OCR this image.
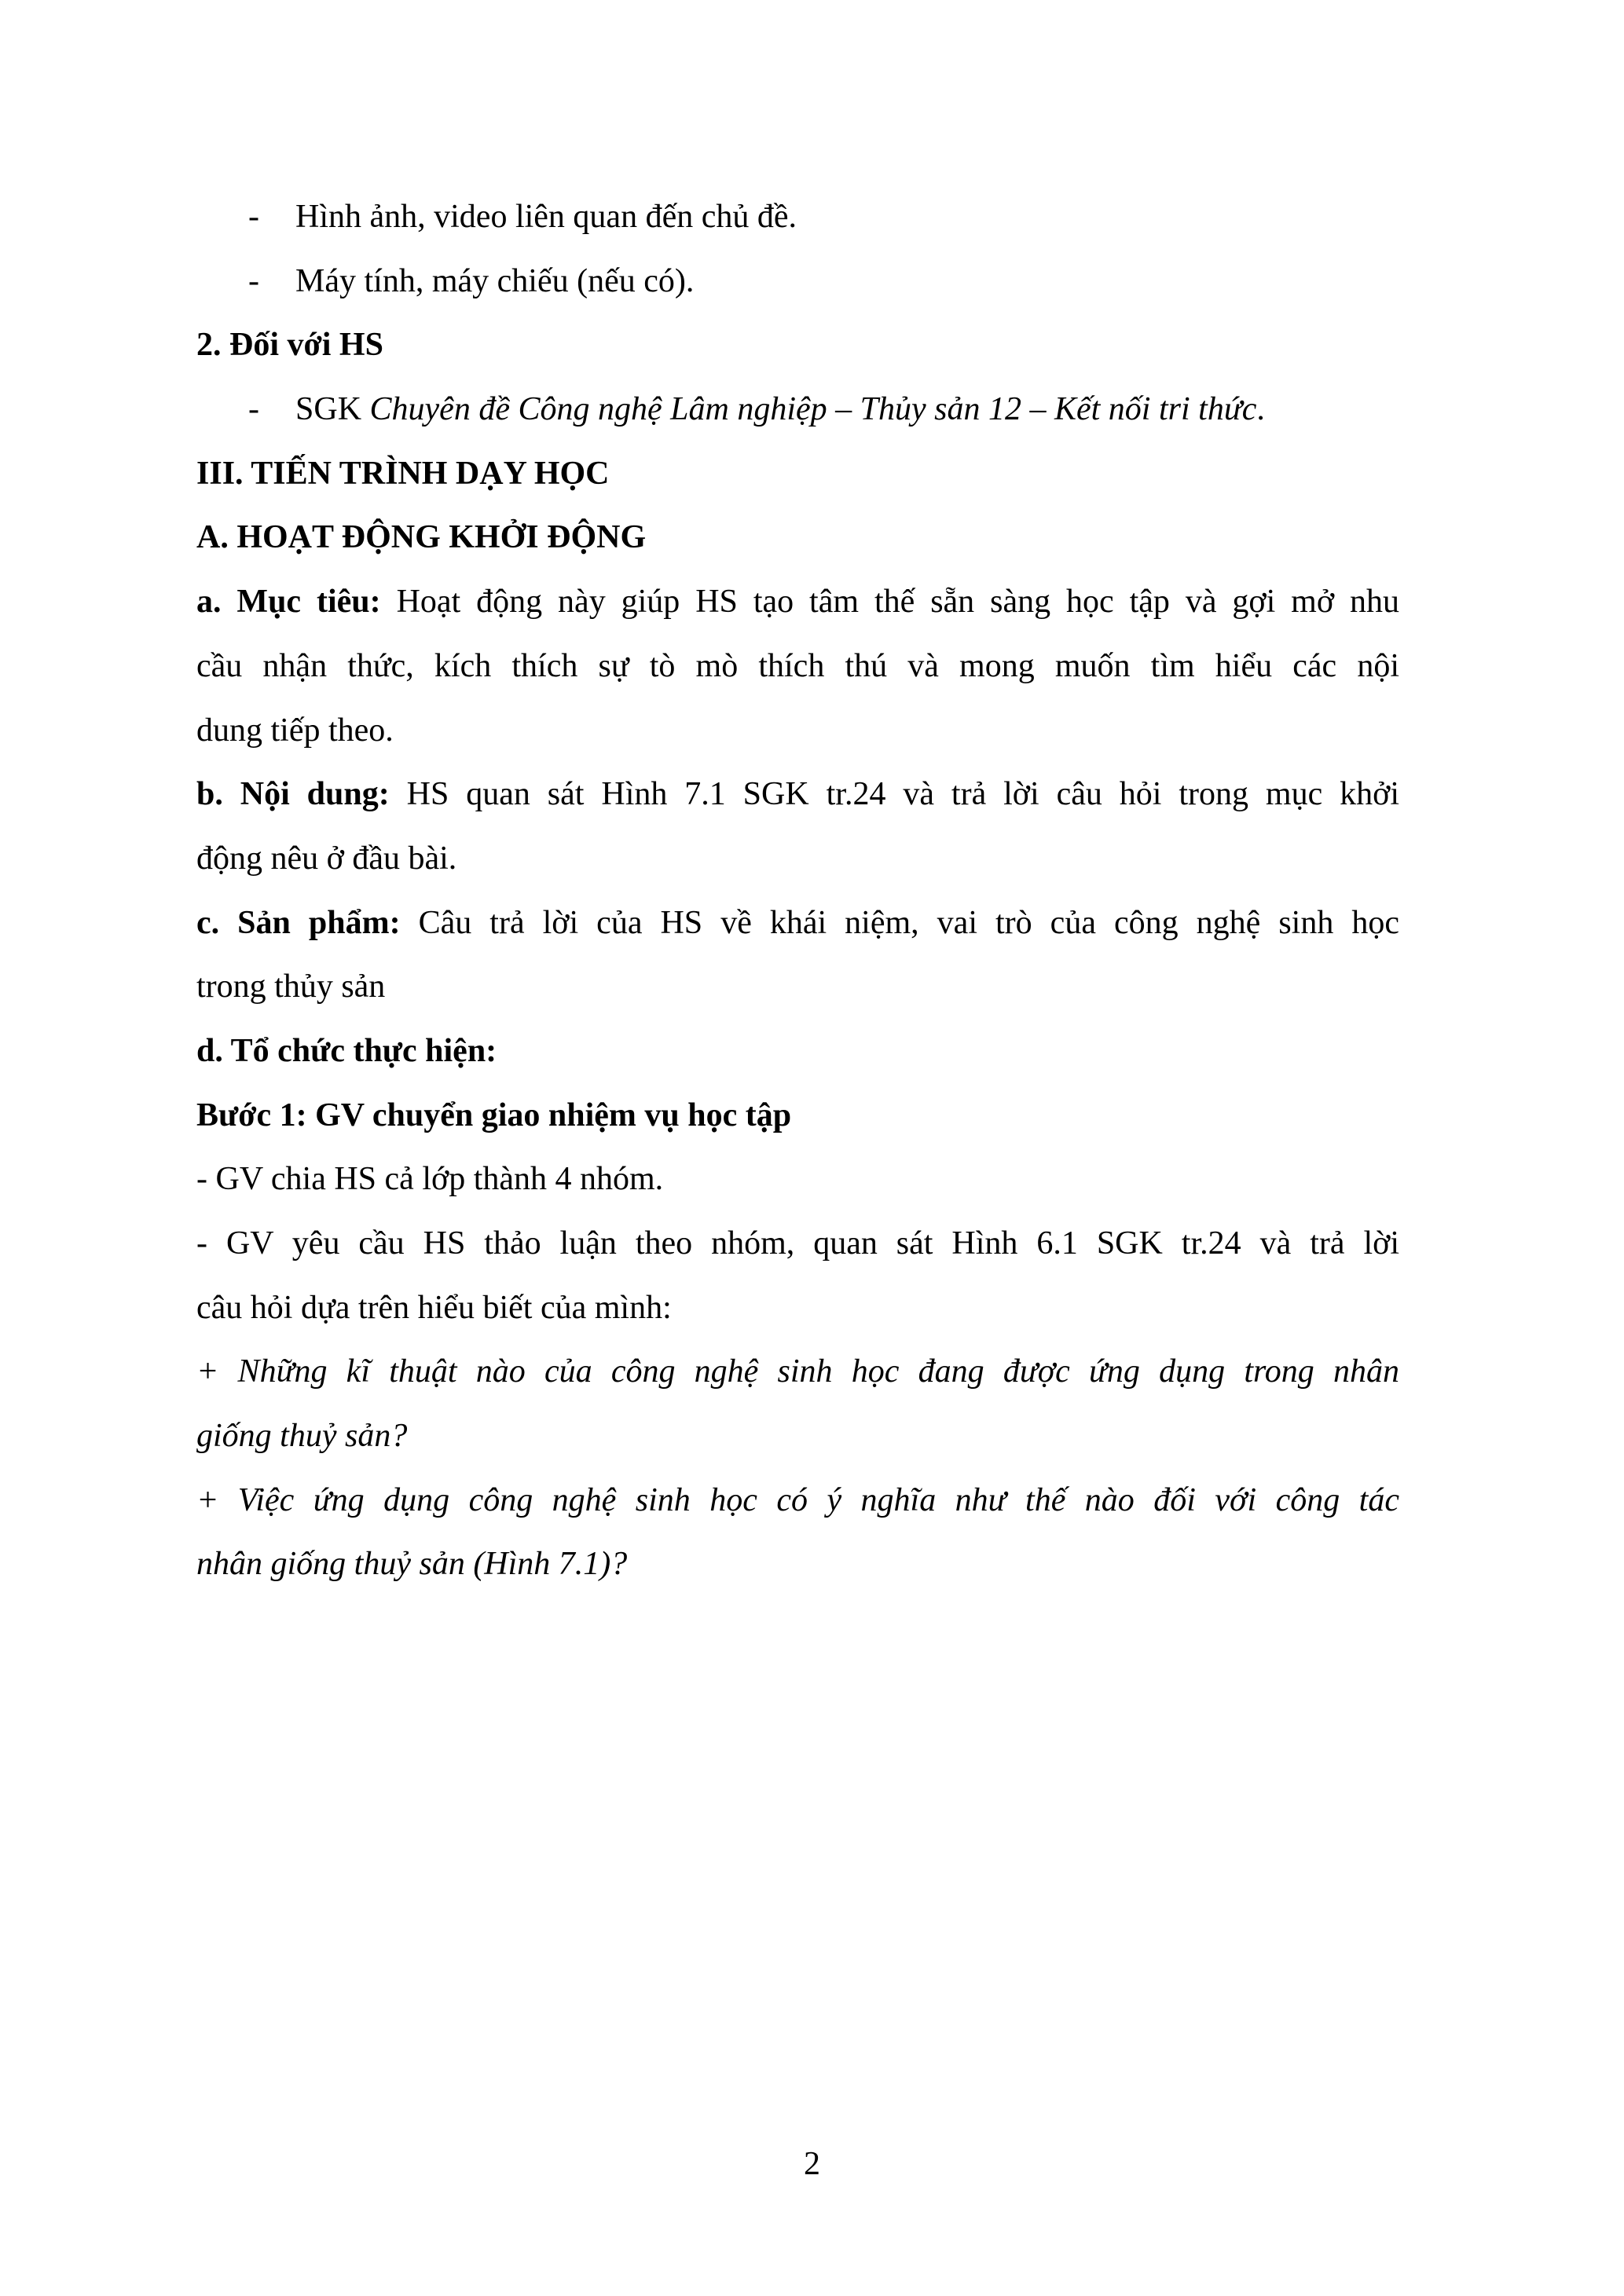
- Hình ảnh, video liên quan đến chủ đề.
- Máy tính, máy chiếu (nếu có).
2. Đối với HS
- SGK Chuyên đề Công nghệ Lâm nghiệp – Thủy sản 12 – Kết nối tri thức.
III. TIẾN TRÌNH DẠY HỌC
A. HOẠT ĐỘNG KHỞI ĐỘNG
a. Mục tiêu: Hoạt động này giúp HS tạo tâm thế sẵn sàng học tập và gợi mở nhu
cầu nhận thức, kích thích sự tò mò thích thú và mong muốn tìm hiểu các nội
dung tiếp theo.
b. Nội dung: HS quan sát Hình 7.1 SGK tr.24 và trả lời câu hỏi trong mục khởi
động nêu ở đầu bài.
c. Sản phẩm: Câu trả lời của HS về khái niệm, vai trò của công nghệ sinh học
trong thủy sản
d. Tổ chức thực hiện:
Bước 1: GV chuyển giao nhiệm vụ học tập
- GV chia HS cả lớp thành 4 nhóm.
- GV yêu cầu HS thảo luận theo nhóm, quan sát Hình 6.1 SGK tr.24 và trả lời
câu hỏi dựa trên hiểu biết của mình:
+ Những kĩ thuật nào của công nghệ sinh học đang được ứng dụng trong nhân
giống thuỷ sản?
+ Việc ứng dụng công nghệ sinh học có ý nghĩa như thế nào đối với công tác
nhân giống thuỷ sản (Hình 7.1)?
2
